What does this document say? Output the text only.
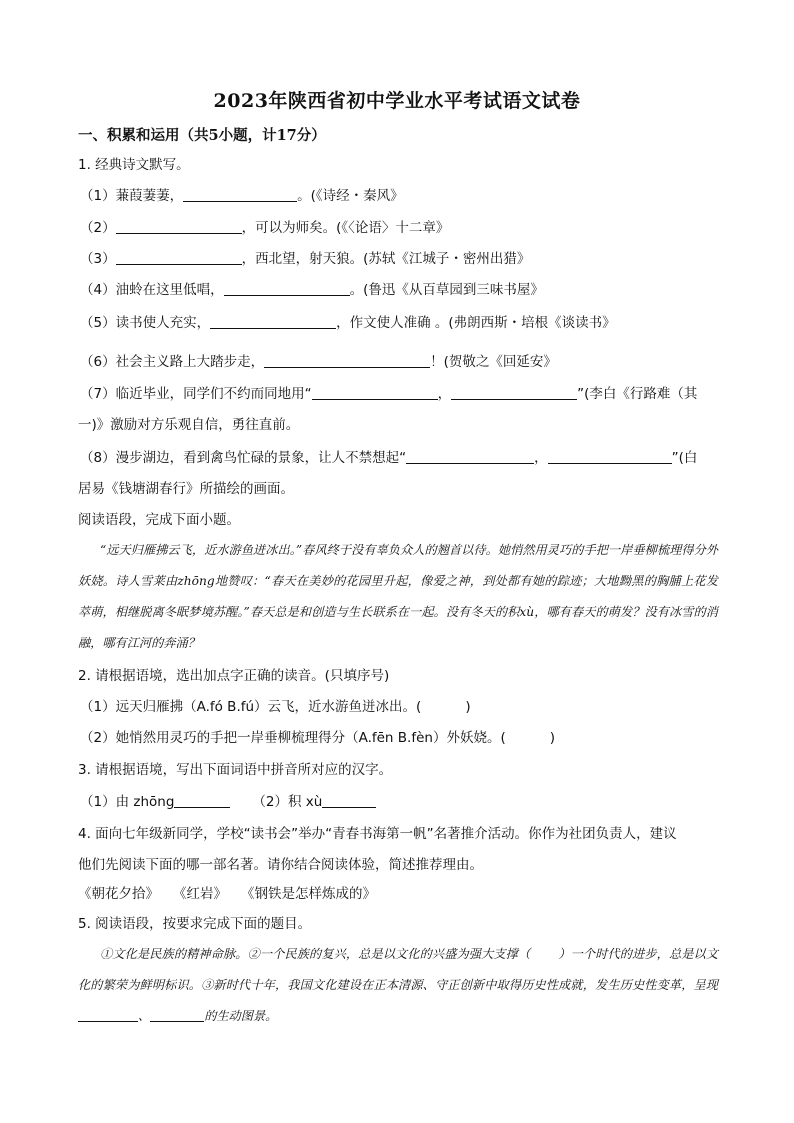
2023年陕西省初中学业水平考试语文试卷
一、积累和运用（共5小题，计17分）
1. 经典诗文默写。
（1）蒹葭萋萋，	。(《诗经・秦风》
（2）	，可以为师矣。(《〈论语〉十二章》
（3）	，西北望，射天狼。(苏轼《江城子・密州出猎》
（4）油蛉在这里低唱，	。(鲁迅《从百草园到三味书屋》
（5）读书使人充实，	，作文使人准确 。(弗朗西斯・培根《谈读书》
（6）社会主义路上大踏步走，	！(贺敬之《回延安》
（7）临近毕业，同学们不约而同地用“	，	”(李白《行路难（其
一)》激励对方乐观自信，勇往直前。
（8）漫步湖边，看到禽鸟忙碌的景象，让人不禁想起“	，	”(白
居易《钱塘湖春行》所描绘的画面。
阅读语段，完成下面小题。

“远天归雁拂云飞，近水游鱼迸冰出。”春风终于没有辜负众人的翘首以待。她悄然用灵巧的手把一岸垂柳梳理得分外妖娆。诗人雪莱由zhōng地赞叹：“春天在美妙的花园里升起，像爱之神，到处都有她的踪迹；大地黝黑的胸脯上花发萃萌，相继脱离冬眠梦境苏醒。”春天总是和创造与生长联系在一起。没有冬天的积xù，哪有春天的萌发？没有冰雪的消融，哪有江河的奔涌？

2. 请根据语境，选出加点字正确的读音。(只填序号)
（1）远天归雁拂（A.fó B.fú）云飞，近水游鱼迸冰出。(	)
（2）她悄然用灵巧的手把一岸垂柳梳理得分（A.fēn B.fèn）外妖娆。(	)
3. 请根据语境，写出下面词语中拼音所对应的汉字。
（1）由 zhōng	（2）积 xù
4. 面向七年级新同学，学校“读书会”举办“青春书海第一帆”名著推介活动。你作为社团负责人，建议
他们先阅读下面的哪一部名著。请你结合阅读体验，简述推荐理由。
《朝花夕拾》 《红岩》 《钢铁是怎样炼成的》
5. 阅读语段，按要求完成下面的题目。

①文化是民族的精神命脉。②一个民族的复兴，总是以文化的兴盛为强大支撑（ ）一个时代的进步，总是以文化的繁荣为鲜明标识。③新时代十年，我国文化建设在正本清源、守正创新中取得历史性成就，发生历史性变革，呈现、	的生动图景。
